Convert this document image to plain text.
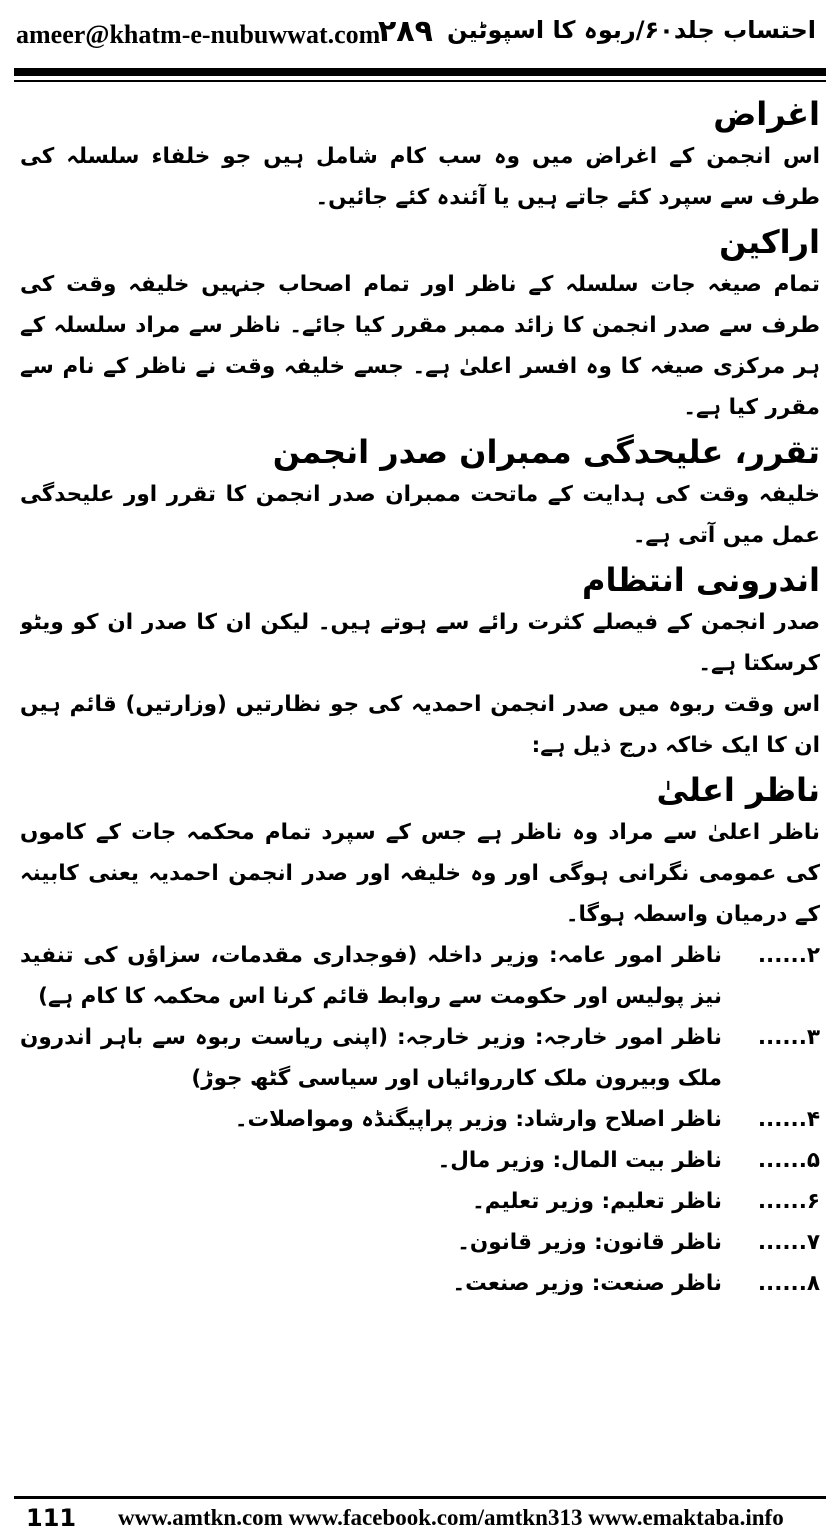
ameer@khatm-e-nubuwwat.com
۲۸۹ احتساب جلد۶۰/ربوہ کا اسپوٹین
اغراض

اس انجمن کے اغراض میں وہ سب کام شامل ہیں جو خلفاء سلسلہ کی طرف سے سپرد کئے جاتے ہیں یا آئندہ کئے جائیں۔

اراکین

تمام صیغہ جات سلسلہ کے ناظر اور تمام اصحاب جنہیں خلیفہ وقت کی طرف سے صدر انجمن کا زائد ممبر مقرر کیا جائے۔ ناظر سے مراد سلسلہ کے ہر مرکزی صیغہ کا وہ افسر اعلیٰ ہے۔ جسے خلیفہ وقت نے ناظر کے نام سے مقرر کیا ہے۔

تقرر، علیحدگی ممبران صدر انجمن

خلیفہ وقت کی ہدایت کے ماتحت ممبران صدر انجمن کا تقرر اور علیحدگی عمل میں آتی ہے۔

اندرونی انتظام

صدر انجمن کے فیصلے کثرت رائے سے ہوتے ہیں۔ لیکن ان کا صدر ان کو ویٹو کرسکتا ہے۔

اس وقت ربوہ میں صدر انجمن احمدیہ کی جو نظارتیں (وزارتیں) قائم ہیں ان کا ایک خاکہ درج ذیل ہے:

ناظر اعلیٰ

ناظر اعلیٰ سے مراد وہ ناظر ہے جس کے سپرد تمام محکمہ جات کے کاموں کی عمومی نگرانی ہوگی اور وہ خلیفہ اور صدر انجمن احمدیہ یعنی کابینہ کے درمیان واسطہ ہوگا۔

۲......
ناظر امور عامہ: وزیر داخلہ (فوجداری مقدمات، سزاؤں کی تنفید نیز پولیس اور حکومت سے روابط قائم کرنا اس محکمہ کا کام ہے)
۳......
ناظر امور خارجہ: وزیر خارجہ: (اپنی ریاست ربوہ سے باہر اندرون ملک وبیرون ملک کارروائیاں اور سیاسی گٹھ جوڑ)
۴......
ناظر اصلاح وارشاد: وزیر پراپیگنڈہ ومواصلات۔
۵......
ناظر بیت المال: وزیر مال۔
۶......
ناظر تعلیم: وزیر تعلیم۔
۷......
ناظر قانون: وزیر قانون۔
۸......
ناظر صنعت: وزیر صنعت۔
111 www.amtkn.com www.facebook.com/amtkn313 www.emaktaba.info
